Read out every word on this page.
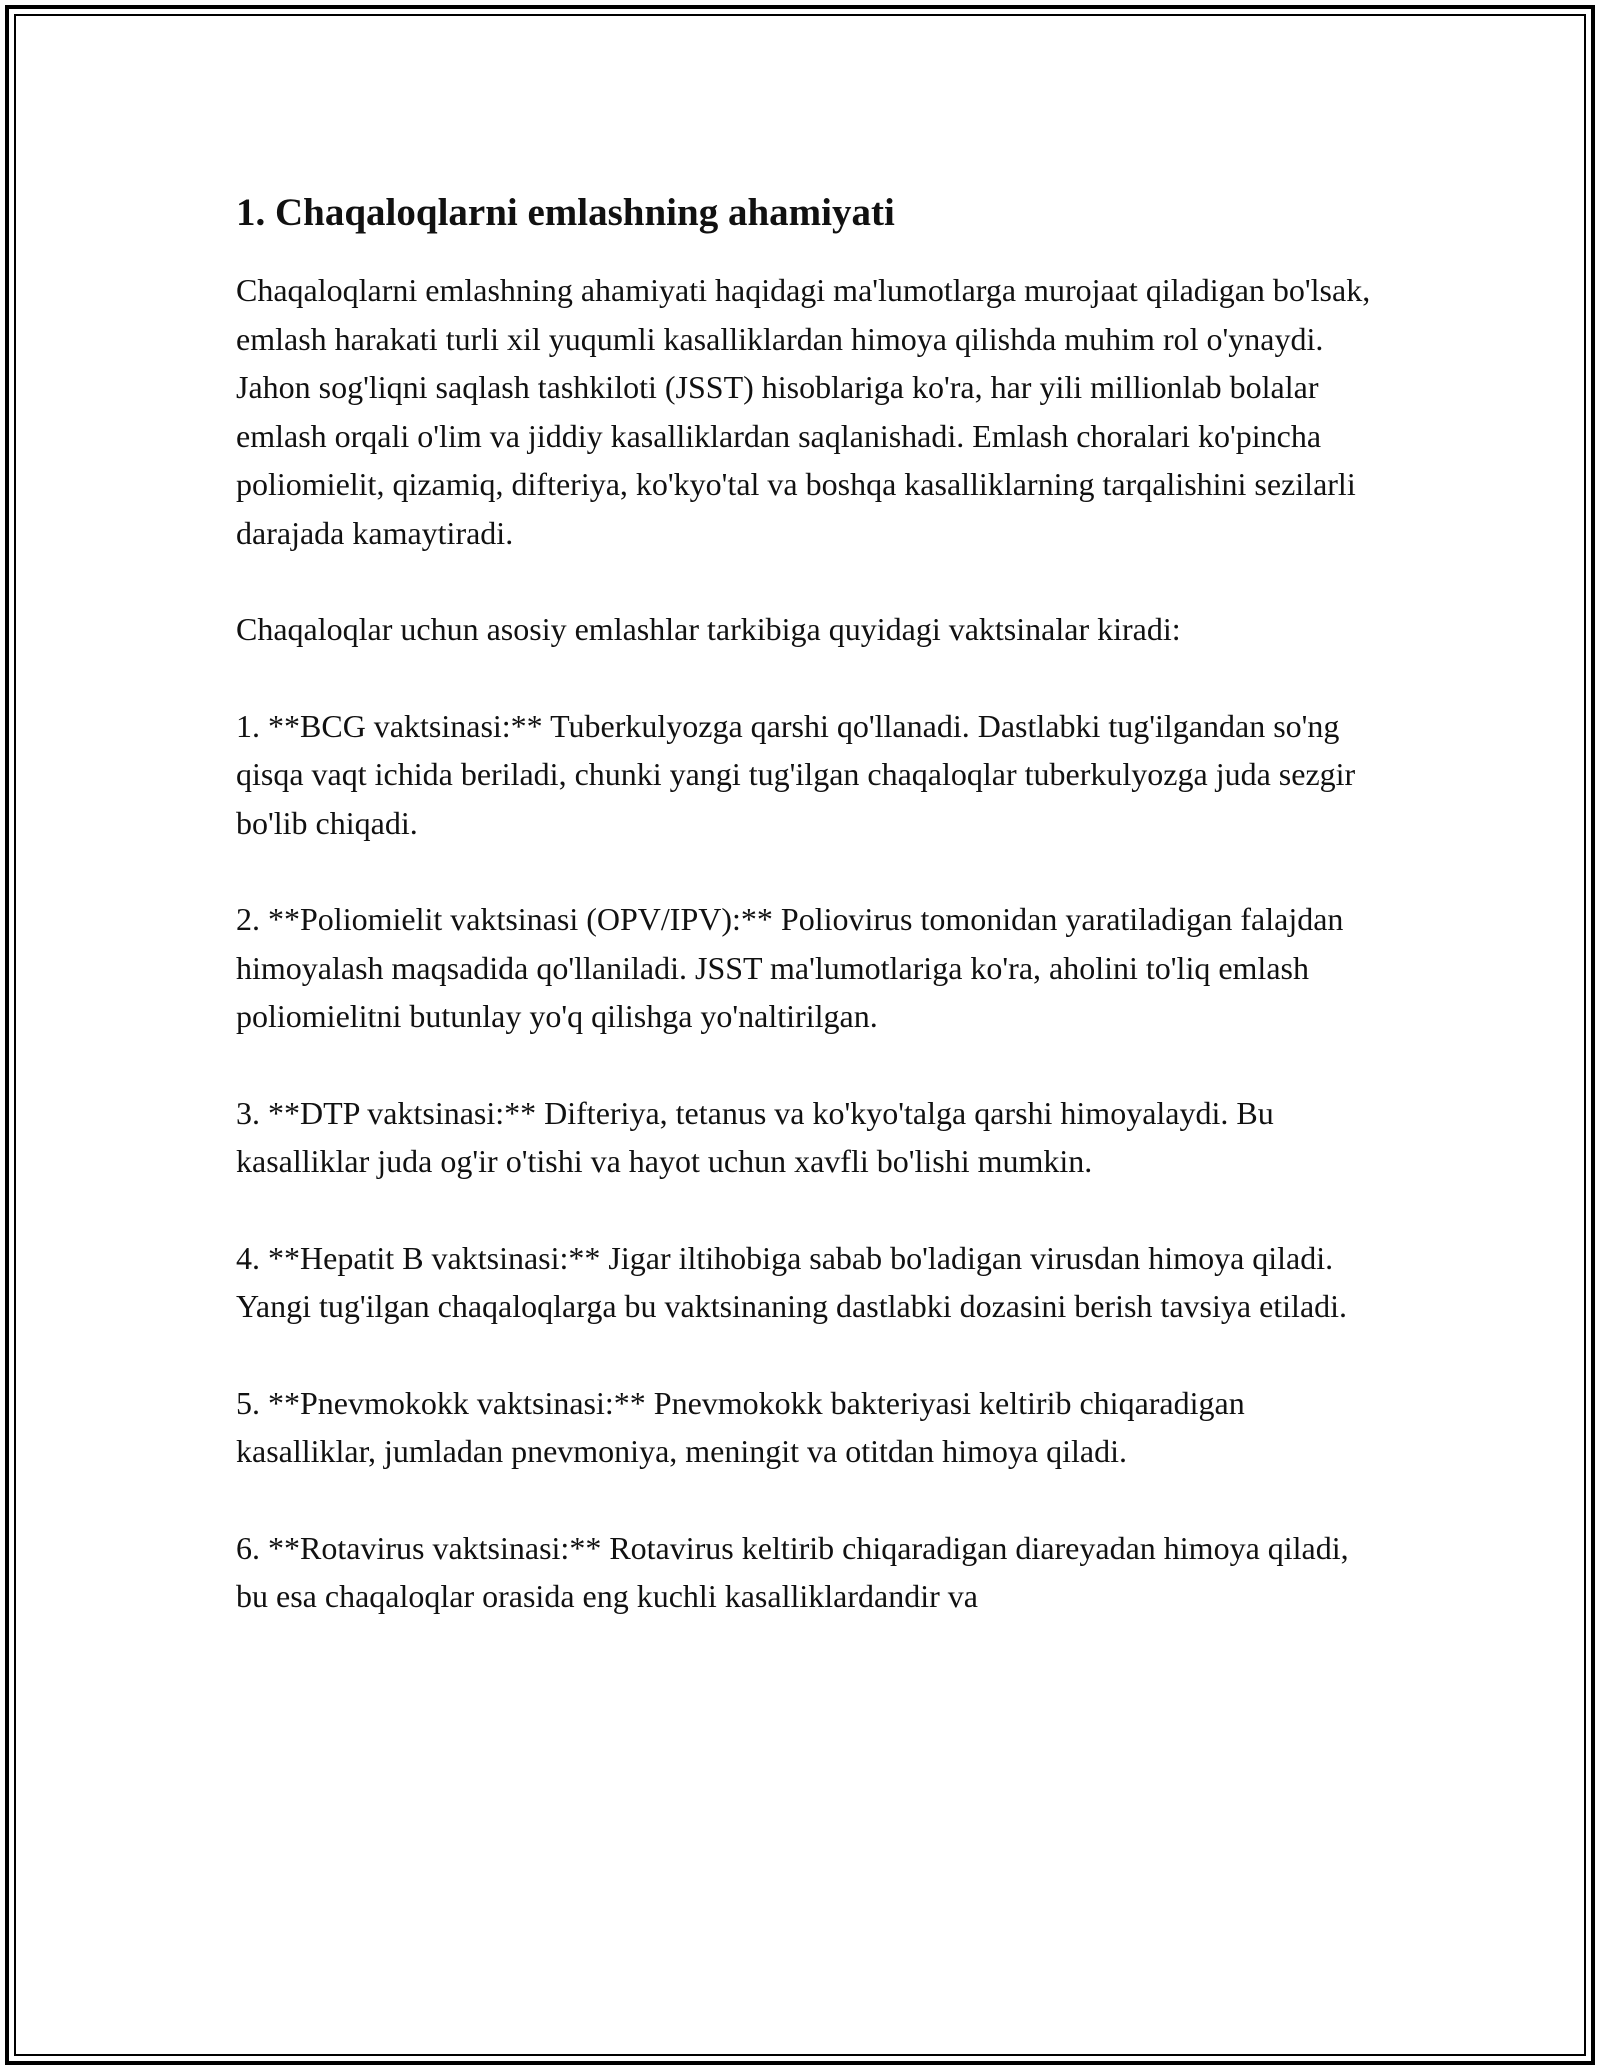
1. Chaqaloqlarni emlashning ahamiyati

Chaqaloqlarni emlashning ahamiyati haqidagi ma'lumotlarga murojaat qiladigan bo'lsak, emlash harakati turli xil yuqumli kasalliklardan himoya qilishda muhim rol o'ynaydi. Jahon sog'liqni saqlash tashkiloti (JSST) hisoblariga ko'ra, har yili millionlab bolalar emlash orqali o'lim va jiddiy kasalliklardan saqlanishadi. Emlash choralari ko'pincha poliomielit, qizamiq, difteriya, ko'kyo'tal va boshqa kasalliklarning tarqalishini sezilarli darajada kamaytiradi.

Chaqaloqlar uchun asosiy emlashlar tarkibiga quyidagi vaktsinalar kiradi:

1. **BCG vaktsinasi:** Tuberkulyozga qarshi qo'llanadi. Dastlabki tug'ilgandan so'ng qisqa vaqt ichida beriladi, chunki yangi tug'ilgan chaqaloqlar tuberkulyozga juda sezgir bo'lib chiqadi.

2. **Poliomielit vaktsinasi (OPV/IPV):** Poliovirus tomonidan yaratiladigan falajdan himoyalash maqsadida qo'llaniladi. JSST ma'lumotlariga ko'ra, aholini to'liq emlash poliomielitni butunlay yo'q qilishga yo'naltirilgan.

3. **DTP vaktsinasi:** Difteriya, tetanus va ko'kyo'talga qarshi himoyalaydi. Bu kasalliklar juda og'ir o'tishi va hayot uchun xavfli bo'lishi mumkin.

4. **Hepatit B vaktsinasi:** Jigar iltihobiga sabab bo'ladigan virusdan himoya qiladi. Yangi tug'ilgan chaqaloqlarga bu vaktsinaning dastlabki dozasini berish tavsiya etiladi.

5. **Pnevmokokk vaktsinasi:** Pnevmokokk bakteriyasi keltirib chiqaradigan kasalliklar, jumladan pnevmoniya, meningit va otitdan himoya qiladi.

6. **Rotavirus vaktsinasi:** Rotavirus keltirib chiqaradigan diareyadan himoya qiladi, bu esa chaqaloqlar orasida eng kuchli kasalliklardandir va
